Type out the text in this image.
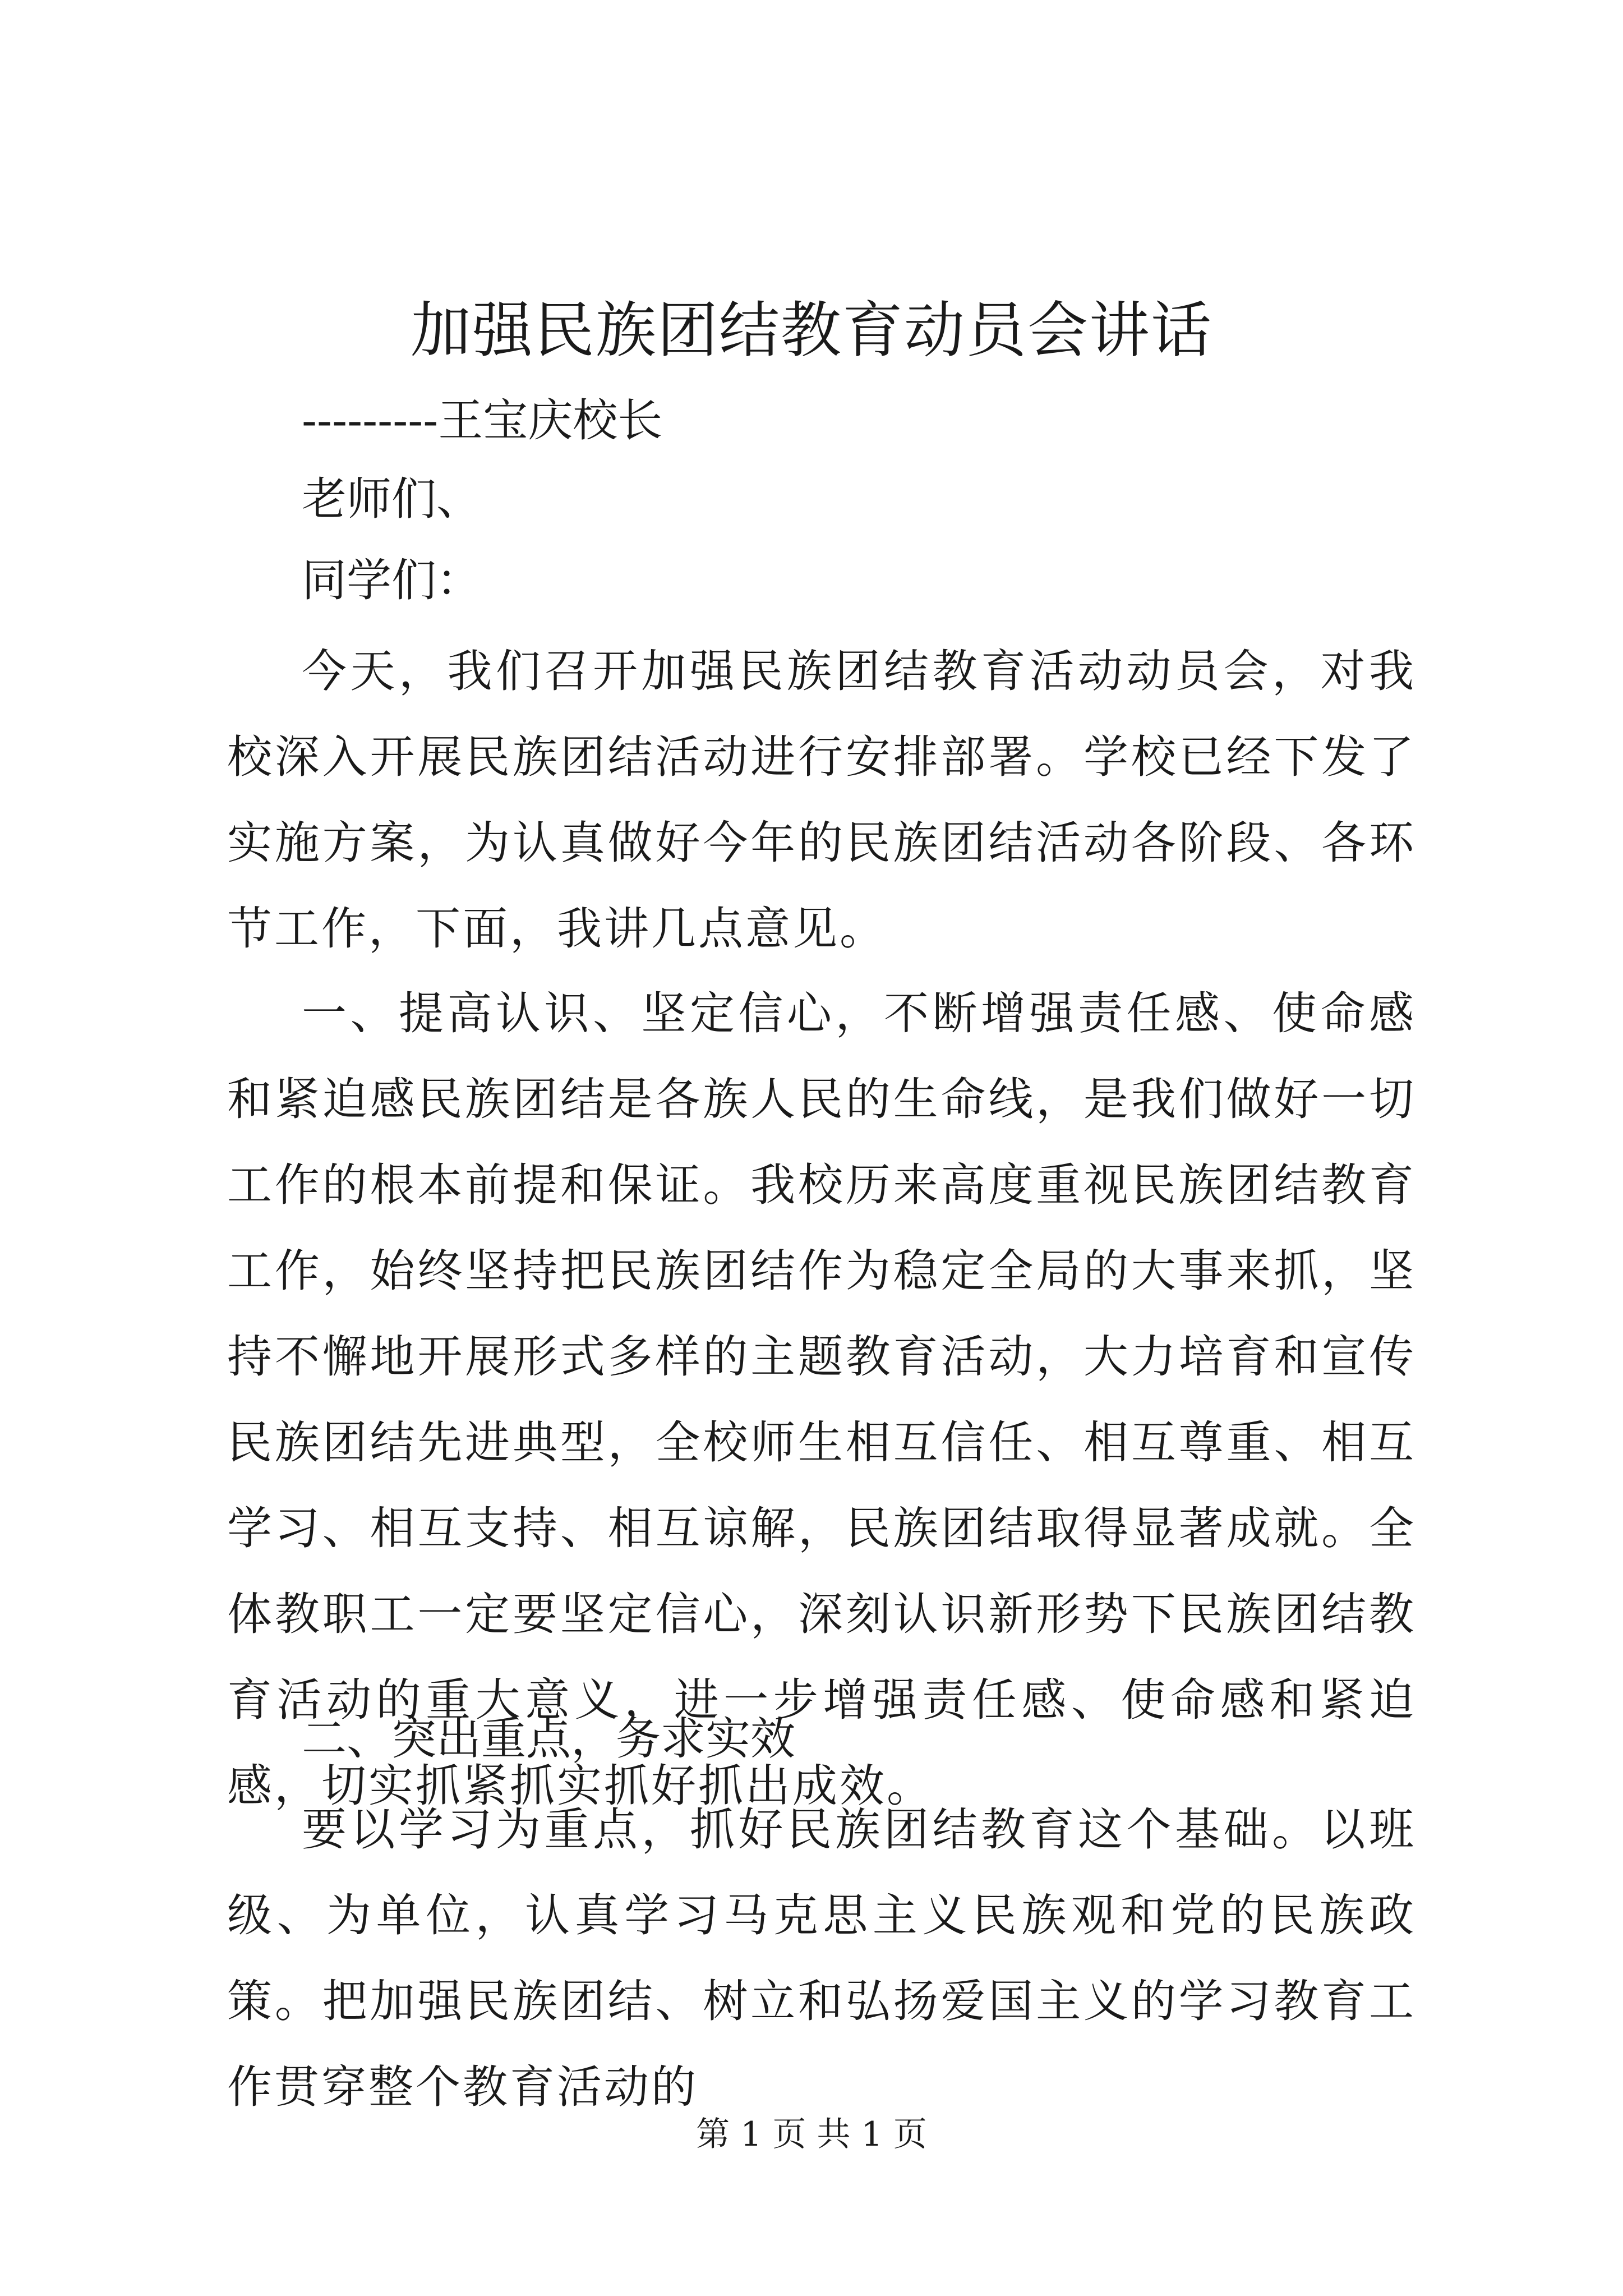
加强民族团结教育动员会讲话
---------王宝庆校长
老师们、
同学们：
今天，我们召开加强民族团结教育活动动员会，对我校深入开展民族团结活动进行安排部署。学校已经下发了实施方案，为认真做好今年的民族团结活动各阶段、各环节工作，下面，我讲几点意见。
一、提高认识、坚定信心，不断增强责任感、使命感和紧迫感民族团结是各族人民的生命线，是我们做好一切工作的根本前提和保证。我校历来高度重视民族团结教育工作，始终坚持把民族团结作为稳定全局的大事来抓，坚持不懈地开展形式多样的主题教育活动，大力培育和宣传民族团结先进典型，全校师生相互信任、相互尊重、相互学习、相互支持、相互谅解，民族团结取得显著成就。全体教职工一定要坚定信心，深刻认识新形势下民族团结教育活动的重大意义，进一步增强责任感、使命感和紧迫感，切实抓紧抓实抓好抓出成效。
二、突出重点，务求实效
要以学习为重点，抓好民族团结教育这个基础。以班级、为单位，认真学习马克思主义民族观和党的民族政策。把加强民族团结、树立和弘扬爱国主义的学习教育工作贯穿整个教育活动的
第 1 页 共 1 页
